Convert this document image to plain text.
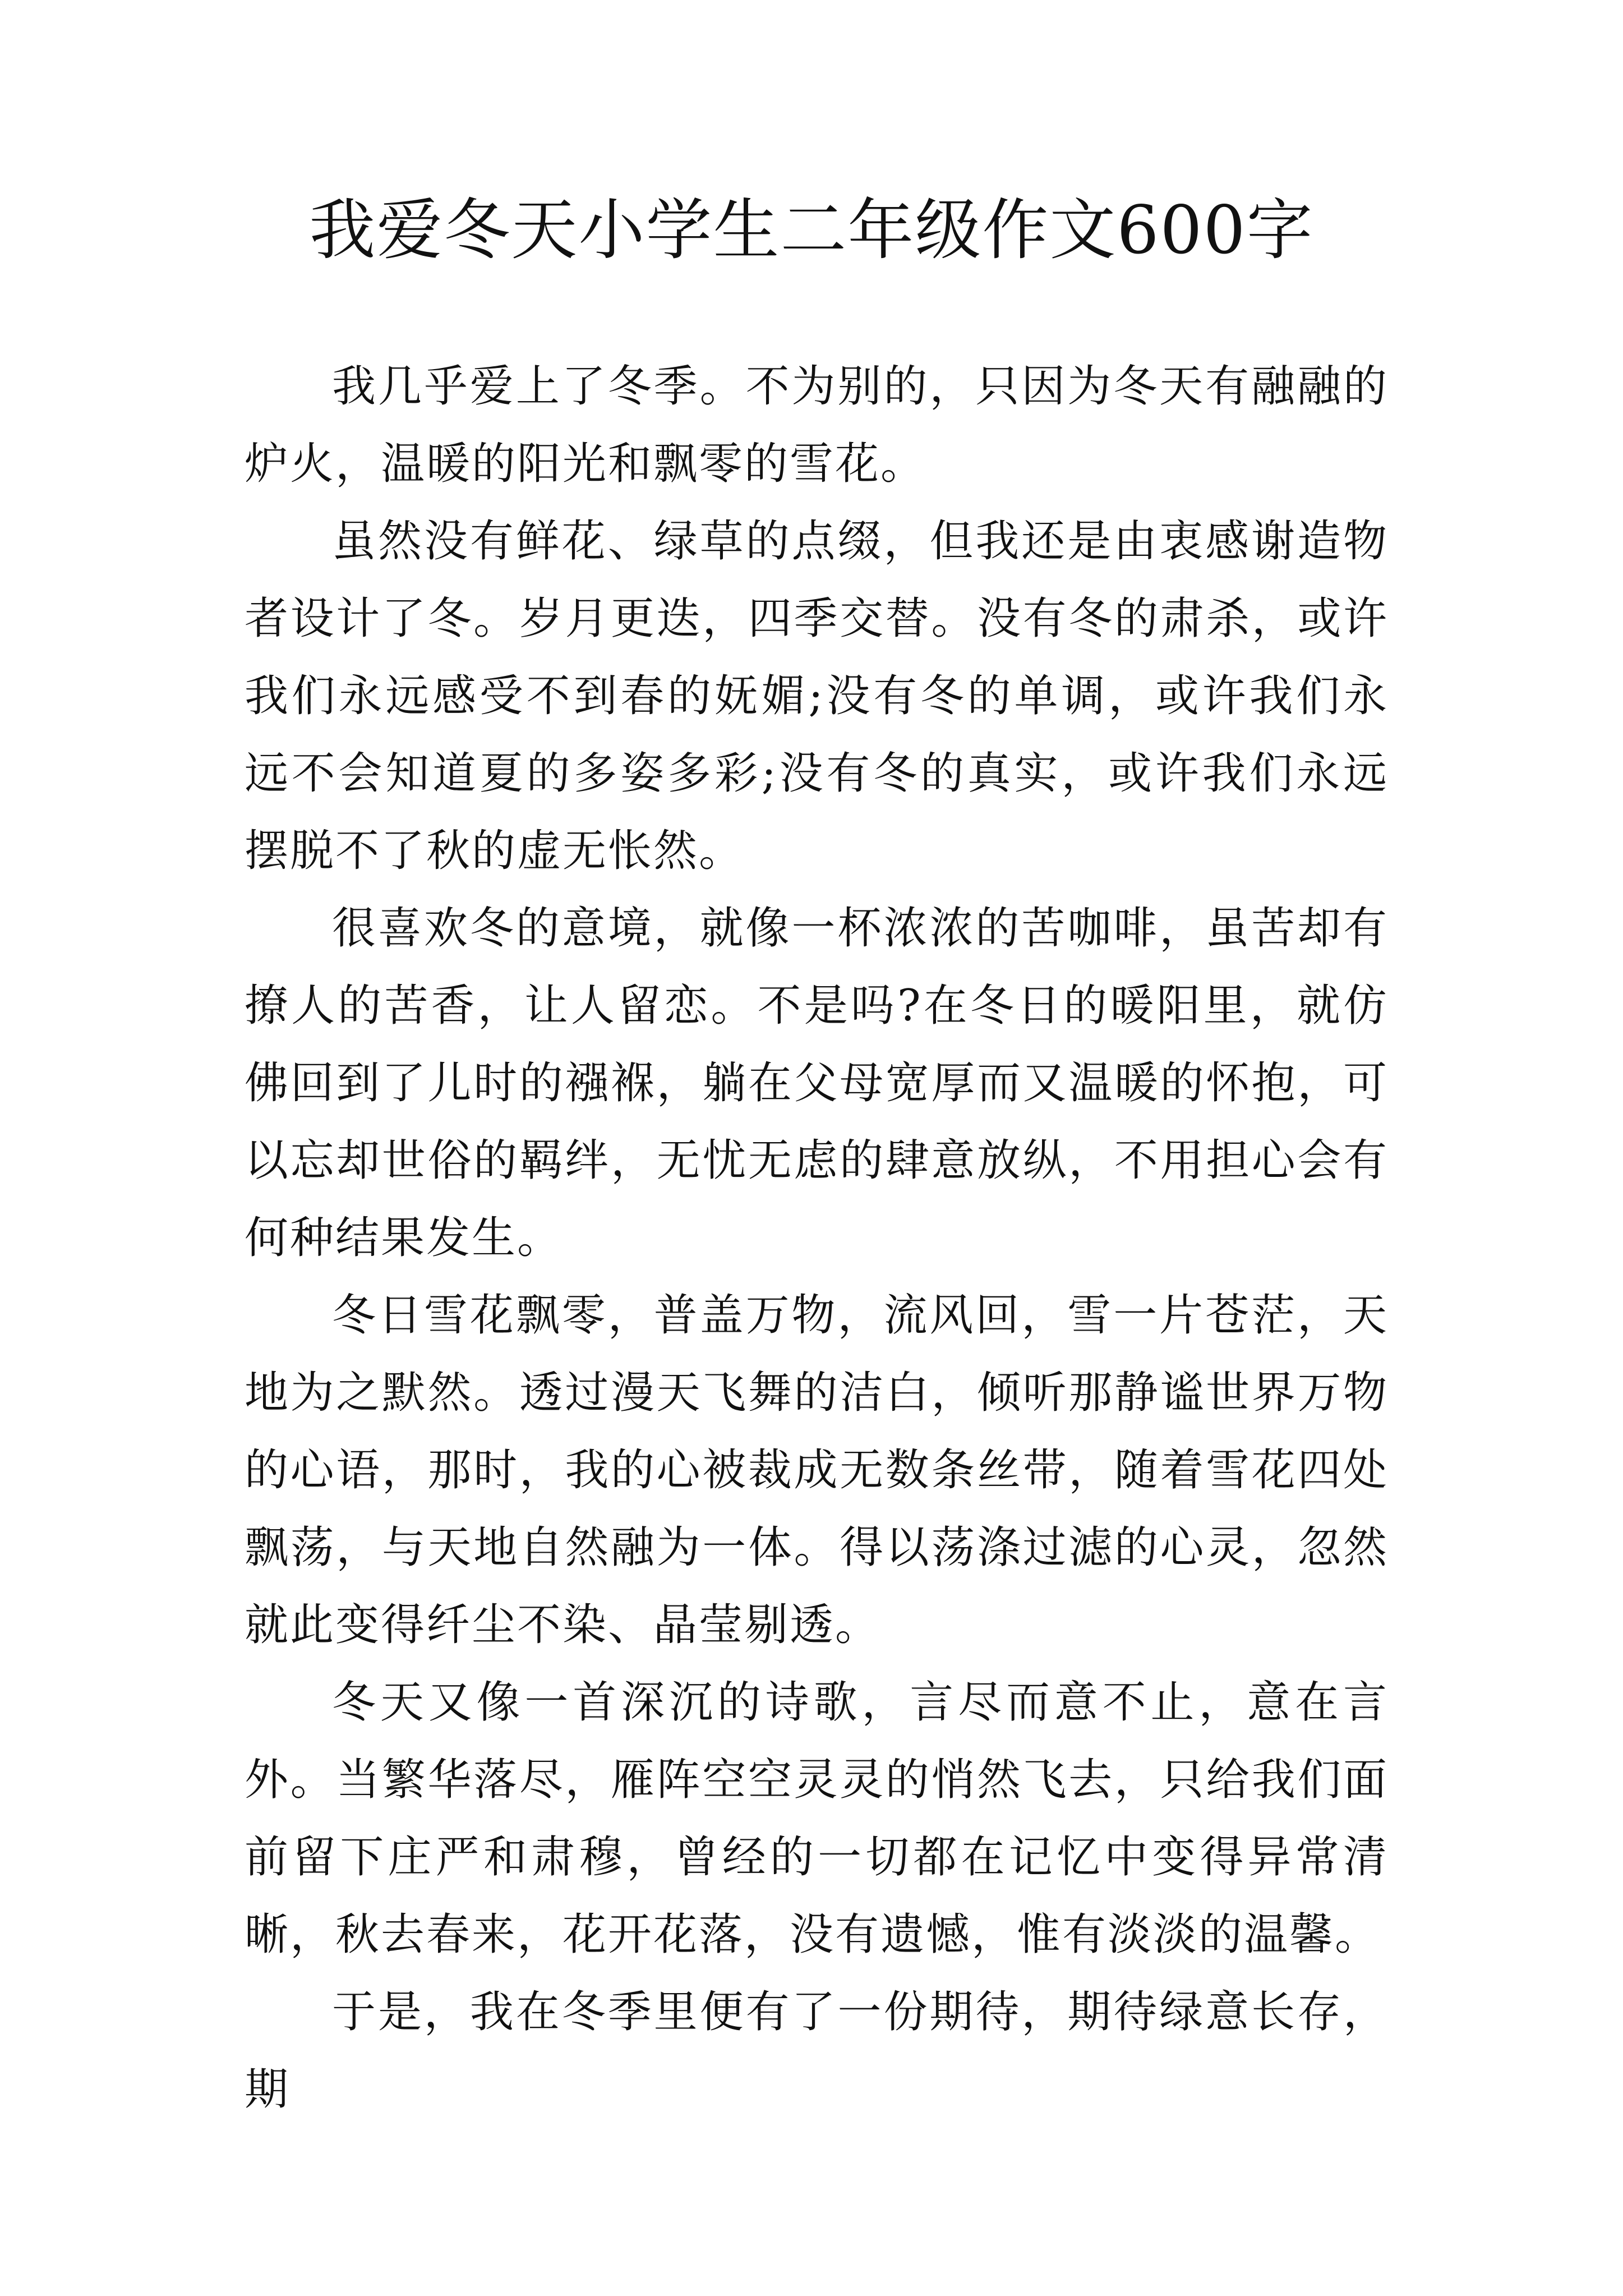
我爱冬天小学生二年级作文600字

我几乎爱上了冬季。不为别的，只因为冬天有融融的炉火，温暖的阳光和飘零的雪花。

虽然没有鲜花、绿草的点缀，但我还是由衷感谢造物者设计了冬。岁月更迭，四季交替。没有冬的肃杀，或许我们永远感受不到春的妩媚;没有冬的单调，或许我们永远不会知道夏的多姿多彩;没有冬的真实，或许我们永远摆脱不了秋的虚无怅然。

很喜欢冬的意境，就像一杯浓浓的苦咖啡，虽苦却有撩人的苦香，让人留恋。不是吗?在冬日的暖阳里，就仿佛回到了儿时的襁褓，躺在父母宽厚而又温暖的怀抱，可以忘却世俗的羁绊，无忧无虑的肆意放纵，不用担心会有何种结果发生。

冬日雪花飘零，普盖万物，流风回，雪一片苍茫，天地为之默然。透过漫天飞舞的洁白，倾听那静谧世界万物的心语，那时，我的心被裁成无数条丝带，随着雪花四处飘荡，与天地自然融为一体。得以荡涤过滤的心灵，忽然就此变得纤尘不染、晶莹剔透。

冬天又像一首深沉的诗歌，言尽而意不止，意在言外。当繁华落尽，雁阵空空灵灵的悄然飞去，只给我们面前留下庄严和肃穆，曾经的一切都在记忆中变得异常清晰，秋去春来，花开花落，没有遗憾，惟有淡淡的温馨。

于是，我在冬季里便有了一份期待，期待绿意长存，期
